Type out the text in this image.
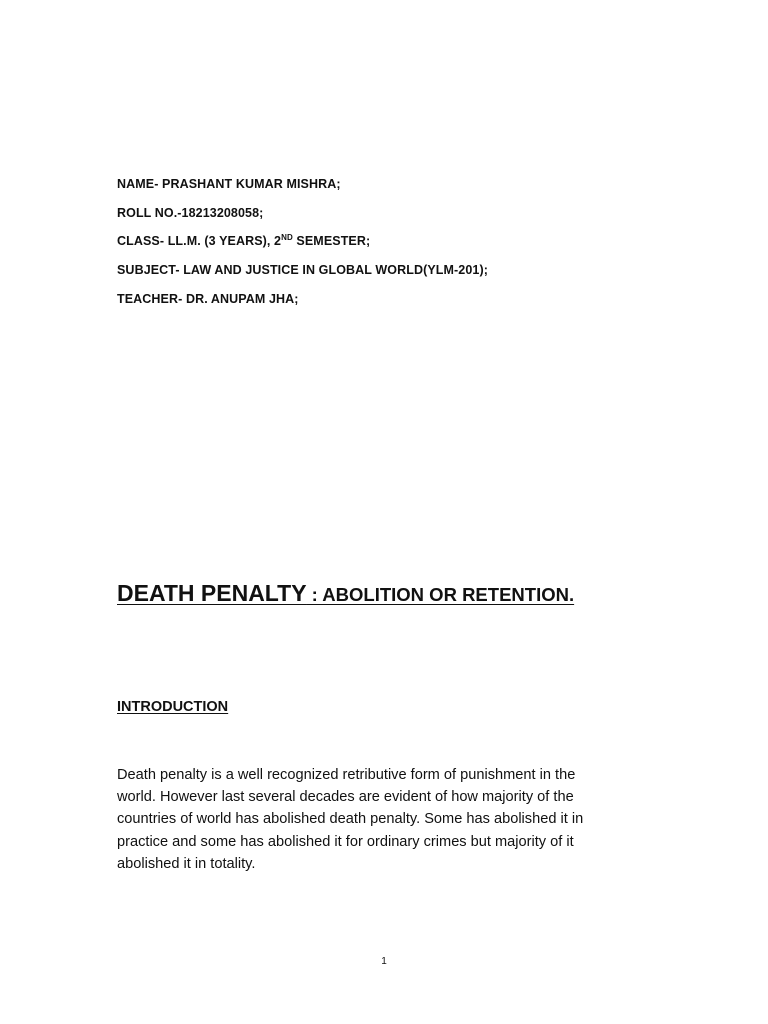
NAME- PRASHANT KUMAR MISHRA;
ROLL NO.-18213208058;
CLASS- LL.M. (3 YEARS), 2ND SEMESTER;
SUBJECT- LAW AND JUSTICE IN GLOBAL WORLD(YLM-201);
TEACHER- DR. ANUPAM JHA;
DEATH PENALTY : ABOLITION OR RETENTION.
INTRODUCTION
Death penalty is a well recognized retributive form of punishment in the
world. However last several decades are evident of how majority of the
countries of world has abolished death penalty. Some has abolished it in
practice and some has abolished it for ordinary crimes but majority of it
abolished it in totality.
1
